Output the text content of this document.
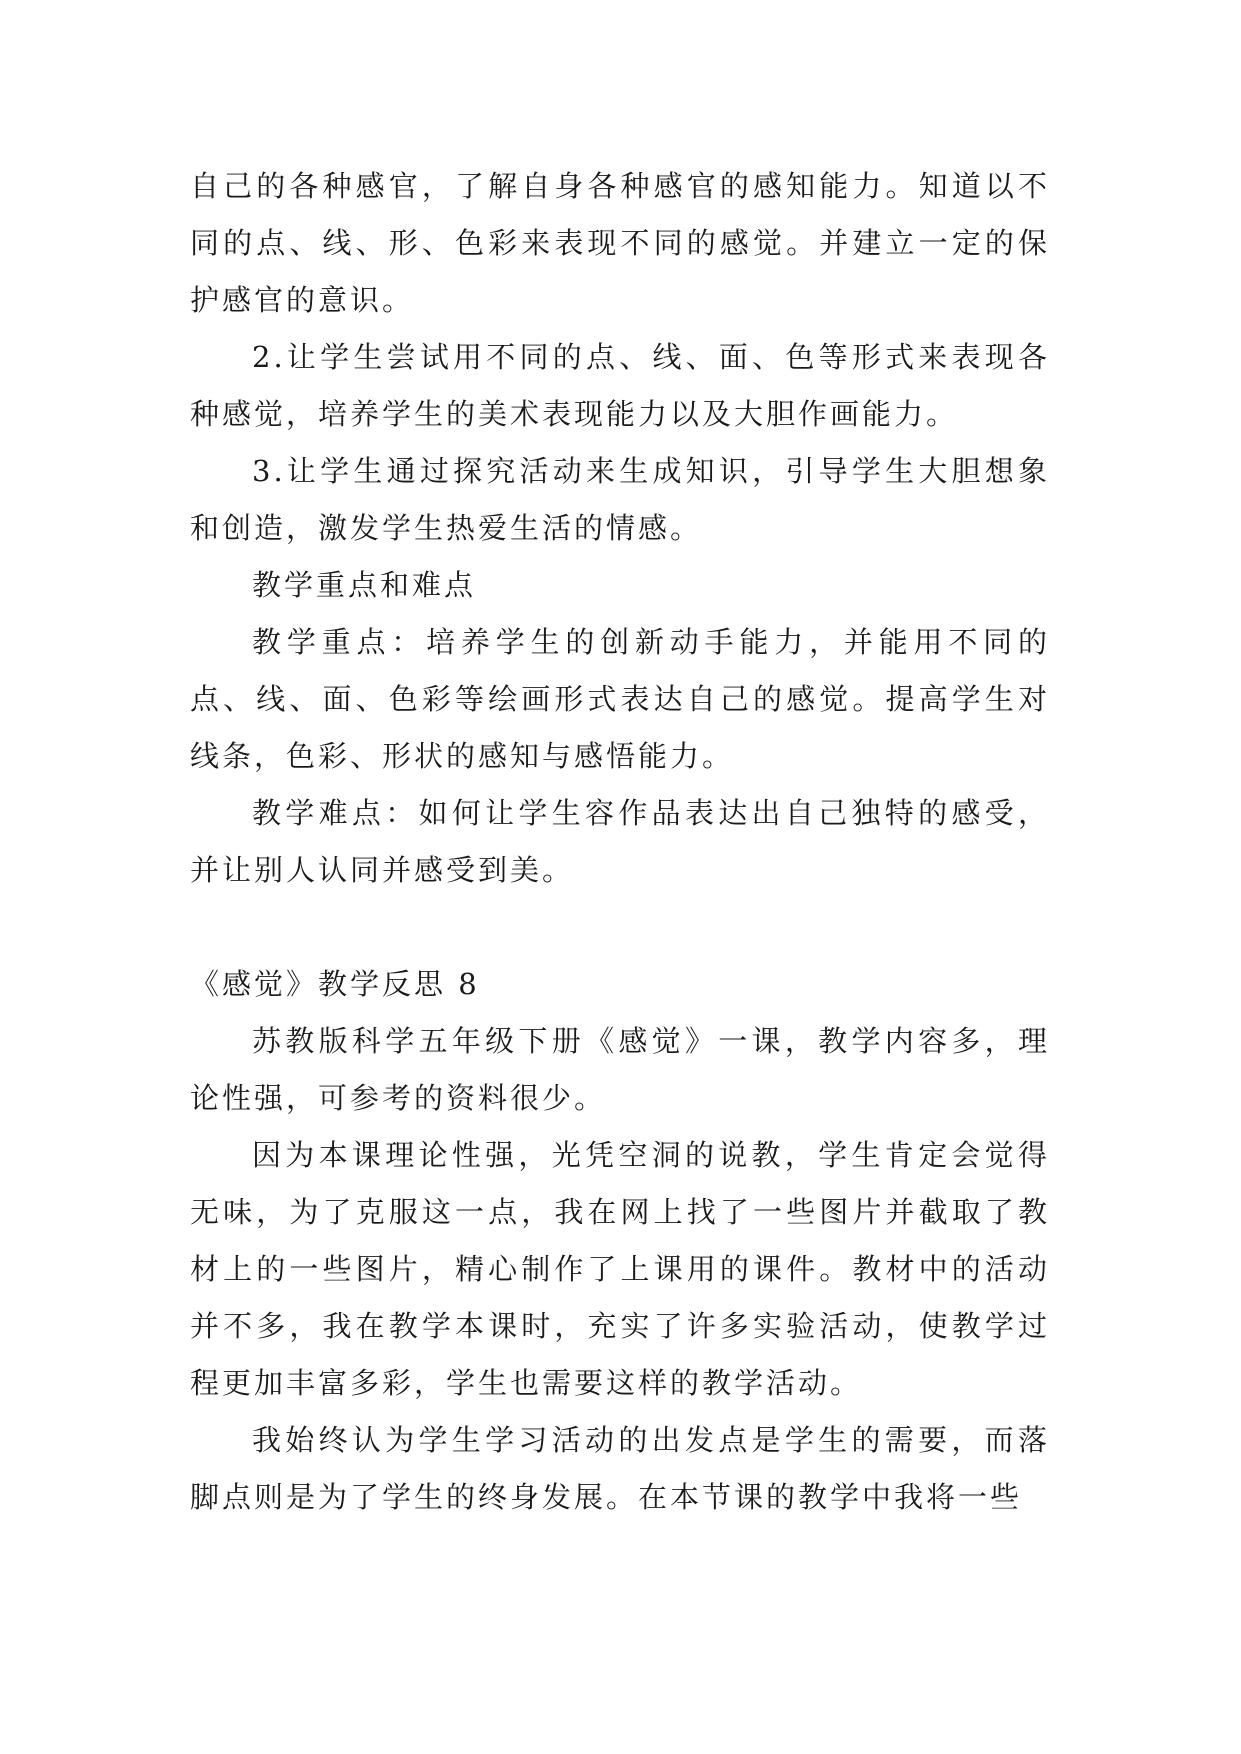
自己的各种感官，了解自身各种感官的感知能力。知道以不同的点、线、形、色彩来表现不同的感觉。并建立一定的保护感官的意识。

2.让学生尝试用不同的点、线、面、色等形式来表现各种感觉，培养学生的美术表现能力以及大胆作画能力。

3.让学生通过探究活动来生成知识，引导学生大胆想象和创造，激发学生热爱生活的情感。

教学重点和难点

教学重点：培养学生的创新动手能力，并能用不同的点、线、面、色彩等绘画形式表达自己的感觉。提高学生对线条，色彩、形状的感知与感悟能力。

教学难点：如何让学生容作品表达出自己独特的感受，并让别人认同并感受到美。

《感觉》教学反思 8

苏教版科学五年级下册《感觉》一课，教学内容多，理论性强，可参考的资料很少。

因为本课理论性强，光凭空洞的说教，学生肯定会觉得无味，为了克服这一点，我在网上找了一些图片并截取了教材上的一些图片，精心制作了上课用的课件。教材中的活动并不多，我在教学本课时，充实了许多实验活动，使教学过程更加丰富多彩，学生也需要这样的教学活动。

我始终认为学生学习活动的出发点是学生的需要，而落脚点则是为了学生的终身发展。在本节课的教学中我将一些
